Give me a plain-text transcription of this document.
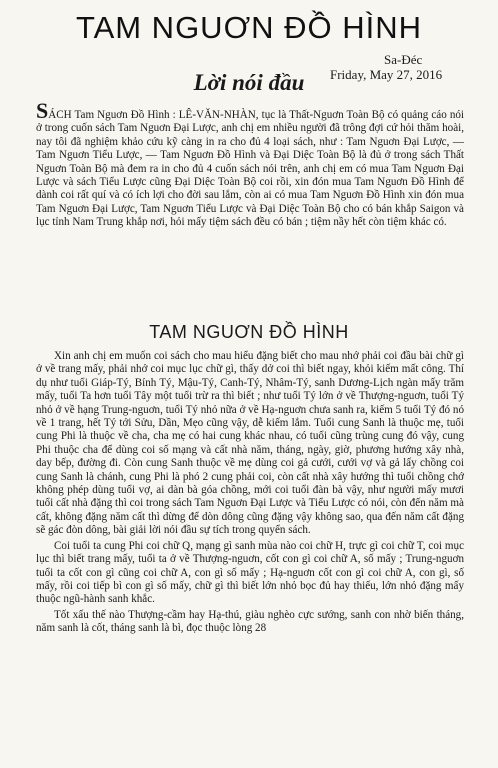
TAM NGUƠN ĐỒ HÌNH
Sa-Đéc
Friday, May 27, 2016
Lời nói đầu

SÁCH Tam Nguơn Đồ Hình : LÊ-VĂN-NHÀN, tục là Thất-Nguơn Toàn Bộ có quảng cáo nói ở trong cuốn sách Tam Nguơn Đại Lược, anh chị em nhiều người đã trông đợi cứ hỏi thăm hoài, nay tôi đã nghiệm khảo cứu kỹ càng in ra cho đủ 4 loại sách, như : Tam Nguơn Đại Lược, — Tam Nguơn Tiểu Lược, — Tam Nguơn Đồ Hình và Đại Diệc Toàn Bộ là đủ ở trong sách Thất Nguơn Toàn Bộ mà đem ra in cho đủ 4 cuốn sách nói trên, anh chị em có mua Tam Nguơn Đại Lược và sách Tiểu Lược cũng Đại Diệc Toàn Bộ coi rồi, xin đón mua Tam Nguơn Đồ Hình để dành coi rất quí và có ích lợi cho đời sau lắm, còn ai có mua Tam Nguơn Đồ Hình xin đón mua Tam Nguơn Đại Lược, Tam Nguơn Tiểu Lược và Đại Diệc Toàn Bộ cho có bán khắp Saigon và lục tỉnh Nam Trung khắp nơi, hỏi mấy tiệm sách đều có bán ; tiệm nầy hết còn tiệm khác có.

TAM NGUƠN ĐỒ HÌNH

Xin anh chị em muốn coi sách cho mau hiểu đặng biết cho mau nhớ phải coi đầu bài chữ gì ở về trang mấy, phải nhớ coi mục lục chữ gì, thấy dở coi thì biết ngay, khỏi kiếm mất công. Thí dụ như tuổi Giáp-Tý, Bính Tý, Mậu-Tý, Canh-Tý, Nhâm-Tý, sanh Dương-Lịch ngàn mấy trăm mấy, tuổi Ta hơn tuổi Tây một tuổi trừ ra thì biết ; như tuổi Tý lớn ở về Thượng-nguơn, tuổi Tý nhỏ ở về hạng Trung-nguơn, tuổi Tý nhỏ nữa ở về Hạ-nguơn chưa sanh ra, kiếm 5 tuổi Tý đó nó về 1 trang, hết Tý tới Sửu, Dần, Mẹo cũng vậy, dễ kiếm lắm. Tuổi cung Sanh là thuộc mẹ, tuổi cung Phi là thuộc về cha, cha mẹ có hai cung khác nhau, có tuổi cũng trùng cung đó vậy, cung Phi thuộc cha để dùng coi số mạng và cất nhà năm, tháng, ngày, giờ, phương hướng xây nhà, day bếp, đường đi. Còn cung Sanh thuộc về mẹ dùng coi gả cưới, cưới vợ và gả lấy chồng coi cung Sanh là chánh, cung Phi là phó 2 cung phải coi, còn cất nhà xây hướng thì tuổi chồng chớ không phép dùng tuổi vợ, ai dàn bà góa chồng, mới coi tuổi đàn bà vậy, như người mấy mươi tuổi cất nhà đặng thì coi trong sách Tam Nguơn Đại Lược và Tiểu Lược có nói, còn đến năm mà cất, không đặng năm cất thì dừng để dòn dông cũng đặng vậy không sao, qua đến năm cất đặng sẽ gác đòn dông, bài giải lời nói đầu sự tích trong quyển sách.

Coi tuổi ta cung Phi coi chữ Q, mạng gì sanh mùa nào coi chữ H, trực gì coi chữ T, coi mục lục thì biết trang mấy, tuổi ta ở về Thượng-nguơn, cốt con gì coi chữ A, số mấy ; Trung-nguơn tuổi ta cốt con gì cũng coi chữ A, con gì số mấy ; Hạ-nguơn cốt con gì coi chữ A, con gì, số mấy, rồi coi tiếp bì con gì số mấy, chữ gì thì biết lớn nhỏ bọc đủ hay thiếu, lớn nhỏ đặng mấy thuộc ngũ-hành sanh khắc.

Tốt xấu thế nào Thượng-cầm hay Hạ-thú, giàu nghèo cực sướng, sanh con nhờ biến tháng, năm sanh là cốt, tháng sanh là bì, đọc thuộc lòng 28
